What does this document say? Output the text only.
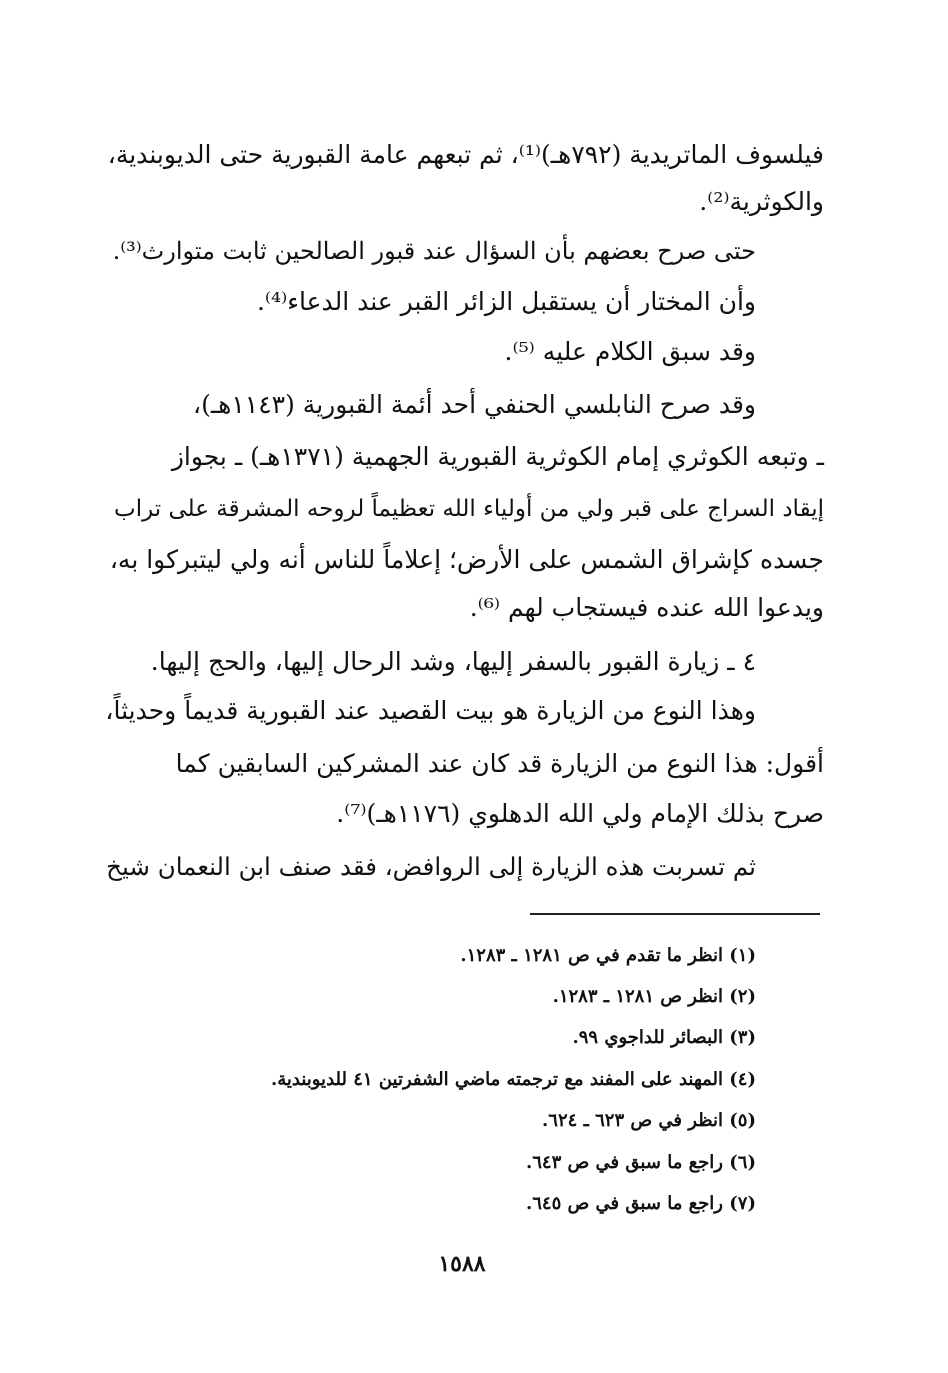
فيلسوف الماتريدية (٧٩٢هـ)⁽¹⁾، ثم تبعهم عامة القبورية حتى الديوبندية،
والكوثرية⁽²⁾.
حتى صرح بعضهم بأن السؤال عند قبور الصالحين ثابت متوارث⁽³⁾.
وأن المختار أن يستقبل الزائر القبر عند الدعاء⁽⁴⁾.
وقد سبق الكلام عليه ⁽⁵⁾.
وقد صرح النابلسي الحنفي أحد أئمة القبورية (١١٤٣هـ)،
ـ وتبعه الكوثري إمام الكوثرية القبورية الجهمية (١٣٧١هـ) ـ بجواز
إيقاد السراج على قبر ولي من أولياء الله تعظيماً لروحه المشرقة على تراب
جسده كإشراق الشمس على الأرض؛ إعلاماً للناس أنه ولي ليتبركوا به،
ويدعوا الله عنده فيستجاب لهم ⁽⁶⁾.
٤ ـ زيارة القبور بالسفر إليها، وشد الرحال إليها، والحج إليها.
وهذا النوع من الزيارة هو بيت القصيد عند القبورية قديماً وحديثاً،
أقول: هذا النوع من الزيارة قد كان عند المشركين السابقين كما
صرح بذلك الإمام ولي الله الدهلوي (١١٧٦هـ)⁽⁷⁾.
ثم تسربت هذه الزيارة إلى الروافض، فقد صنف ابن النعمان شيخ
(١) انظر ما تقدم في ص ١٢٨١ ـ ١٢٨٣.
(٢) انظر ص ١٢٨١ ـ ١٢٨٣.
(٣) البصائر للداجوي ٩٩.
(٤) المهند على المفند مع ترجمته ماضي الشفرتين ٤١ للديوبندية.
(٥) انظر في ص ٦٢٣ ـ ٦٢٤.
(٦) راجع ما سبق في ص ٦٤٣.
(٧) راجع ما سبق في ص ٦٤٥.
١٥٨٨
